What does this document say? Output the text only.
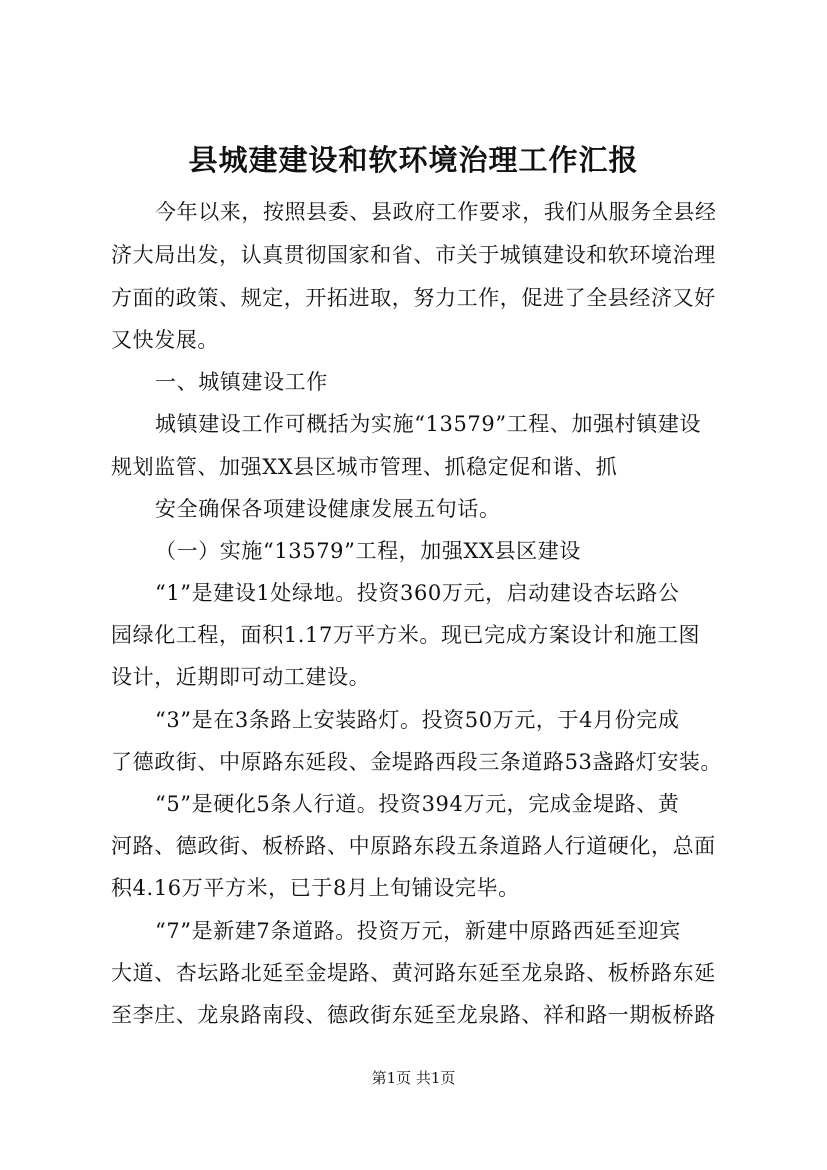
县城建建设和软环境治理工作汇报
今年以来，按照县委、县政府工作要求，我们从服务全县经
济大局出发，认真贯彻国家和省、市关于城镇建设和软环境治理
方面的政策、规定，开拓进取，努力工作，促进了全县经济又好
又快发展。
一、城镇建设工作
城镇建设工作可概括为实施“13579”工程、加强村镇建设
规划监管、加强XX县区城市管理、抓稳定促和谐、抓
安全确保各项建设健康发展五句话。
（一）实施“13579”工程，加强XX县区建设
“1”是建设1处绿地。投资360万元，启动建设杏坛路公
园绿化工程，面积1.17万平方米。现已完成方案设计和施工图
设计，近期即可动工建设。
“3”是在3条路上安装路灯。投资50万元，于4月份完成
了德政街、中原路东延段、金堤路西段三条道路53盏路灯安装。
“5”是硬化5条人行道。投资394万元，完成金堤路、黄
河路、德政街、板桥路、中原路东段五条道路人行道硬化，总面
积4.16万平方米，已于8月上旬铺设完毕。
“7”是新建7条道路。投资万元，新建中原路西延至迎宾
大道、杏坛路北延至金堤路、黄河路东延至龙泉路、板桥路东延
至李庄、龙泉路南段、德政街东延至龙泉路、祥和路一期板桥路
第1页 共1页
